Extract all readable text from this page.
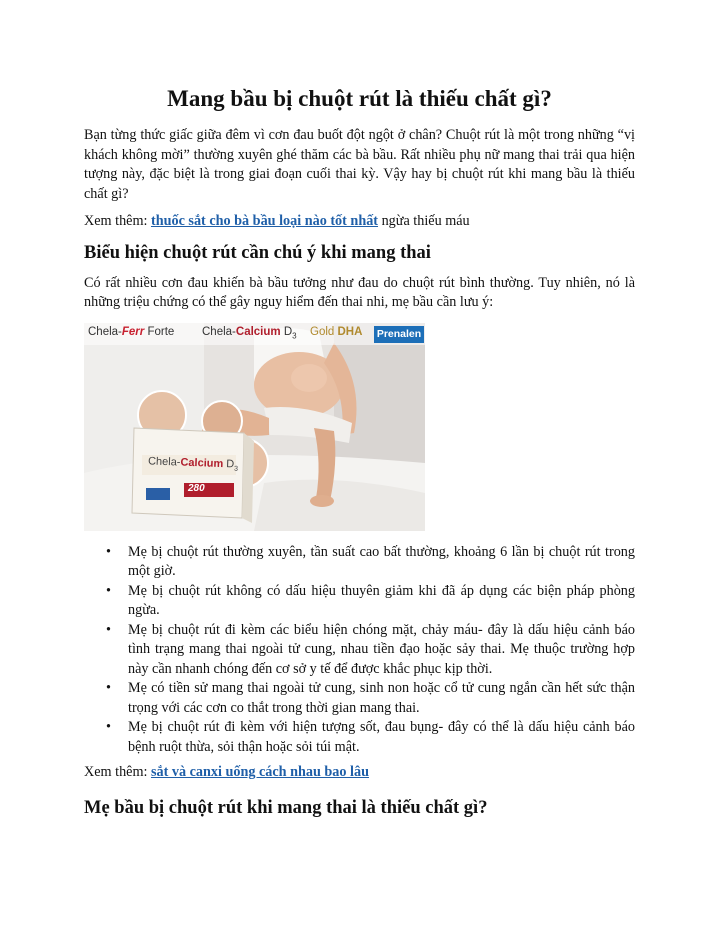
Mang bầu bị chuột rút là thiếu chất gì?

Bạn từng thức giấc giữa đêm vì cơn đau buốt đột ngột ở chân? Chuột rút là một trong những “vị khách không mời” thường xuyên ghé thăm các bà bầu. Rất nhiều phụ nữ mang thai trải qua hiện tượng này, đặc biệt là trong giai đoạn cuối thai kỳ. Vậy hay bị chuột rút khi mang bầu là thiếu chất gì?

Xem thêm: thuốc sắt cho bà bầu loại nào tốt nhất ngừa thiếu máu

Biểu hiện chuột rút cần chú ý khi mang thai

Có rất nhiều cơn đau khiến bà bầu tưởng như đau do chuột rút bình thường. Tuy nhiên, nó là những triệu chứng có thể gây nguy hiểm đến thai nhi, mẹ bầu cần lưu ý:

Chela-Ferr Forte Chela-Calcium $D_3$ Gold DHA Prenalen
Chela-Calcium $D_3$
280
• Mẹ bị chuột rút thường xuyên, tần suất cao bất thường, khoảng 6 lần bị chuột rút trong một giờ.
• Mẹ bị chuột rút không có dấu hiệu thuyên giảm khi đã áp dụng các biện pháp phòng ngừa.
• Mẹ bị chuột rút đi kèm các biểu hiện chóng mặt, chảy máu- đây là dấu hiệu cảnh báo tình trạng mang thai ngoài tử cung, nhau tiền đạo hoặc sảy thai. Mẹ thuộc trường hợp này cần nhanh chóng đến cơ sở y tế để được khắc phục kịp thời.
• Mẹ có tiền sử mang thai ngoài tử cung, sinh non hoặc cổ tử cung ngắn cần hết sức thận trọng với các cơn co thắt trong thời gian mang thai.
• Mẹ bị chuột rút đi kèm với hiện tượng sốt, đau bụng- đây có thể là dấu hiệu cảnh báo bệnh ruột thừa, sỏi thận hoặc sỏi túi mật.

Xem thêm: sắt và canxi uống cách nhau bao lâu

Mẹ bầu bị chuột rút khi mang thai là thiếu chất gì?
